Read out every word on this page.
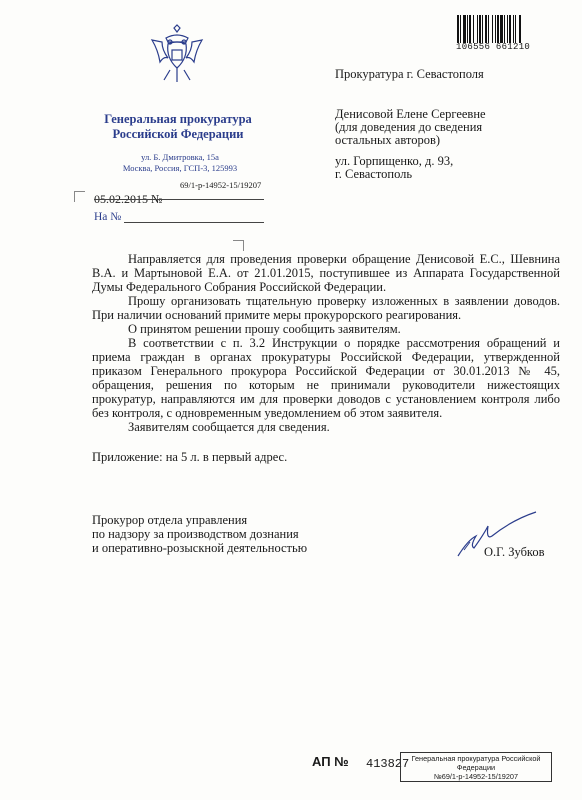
Генеральная прокуратура
Российской Федерации
ул. Б. Дмитровка, 15а
Москва, Россия, ГСП-3, 125993
69/1-р-14952-15/19207
05.02.2015 №
На №
106556 661210
Прокуратура г. Севастополя
Денисовой Елене Сергеевне
(для доведения до сведения
остальных авторов)
ул. Горпищенко, д. 93,
г. Севастополь

Направляется для проведения проверки обращение Денисовой Е.С., Шевнина В.А. и Мартыновой Е.А. от 21.01.2015, поступившее из Аппарата Государственной Думы Федерального Собрания Российской Федерации.

Прошу организовать тщательную проверку изложенных в заявлении доводов. При наличии оснований примите меры прокурорского реагирования.

О принятом решении прошу сообщить заявителям.

В соответствии с п. 3.2 Инструкции о порядке рассмотрения обращений и приема граждан в органах прокуратуры Российской Федерации, утвержденной приказом Генерального прокурора Российской Федерации от 30.01.2013 № 45, обращения, решения по которым не принимали руководители нижестоящих прокуратур, направляются им для проверки доводов с установлением контроля либо без контроля, с одновременным уведомлением об этом заявителя.

Заявителям сообщается для сведения.

Приложение: на 5 л. в первый адрес.

Прокурор отдела управления
по надзору за производством дознания
и оперативно-розыскной деятельностью	О.Г. Зубков
АП № 413827 Генеральная прокуратура Российской
Федерации
№69/1-р-14952-15/19207
